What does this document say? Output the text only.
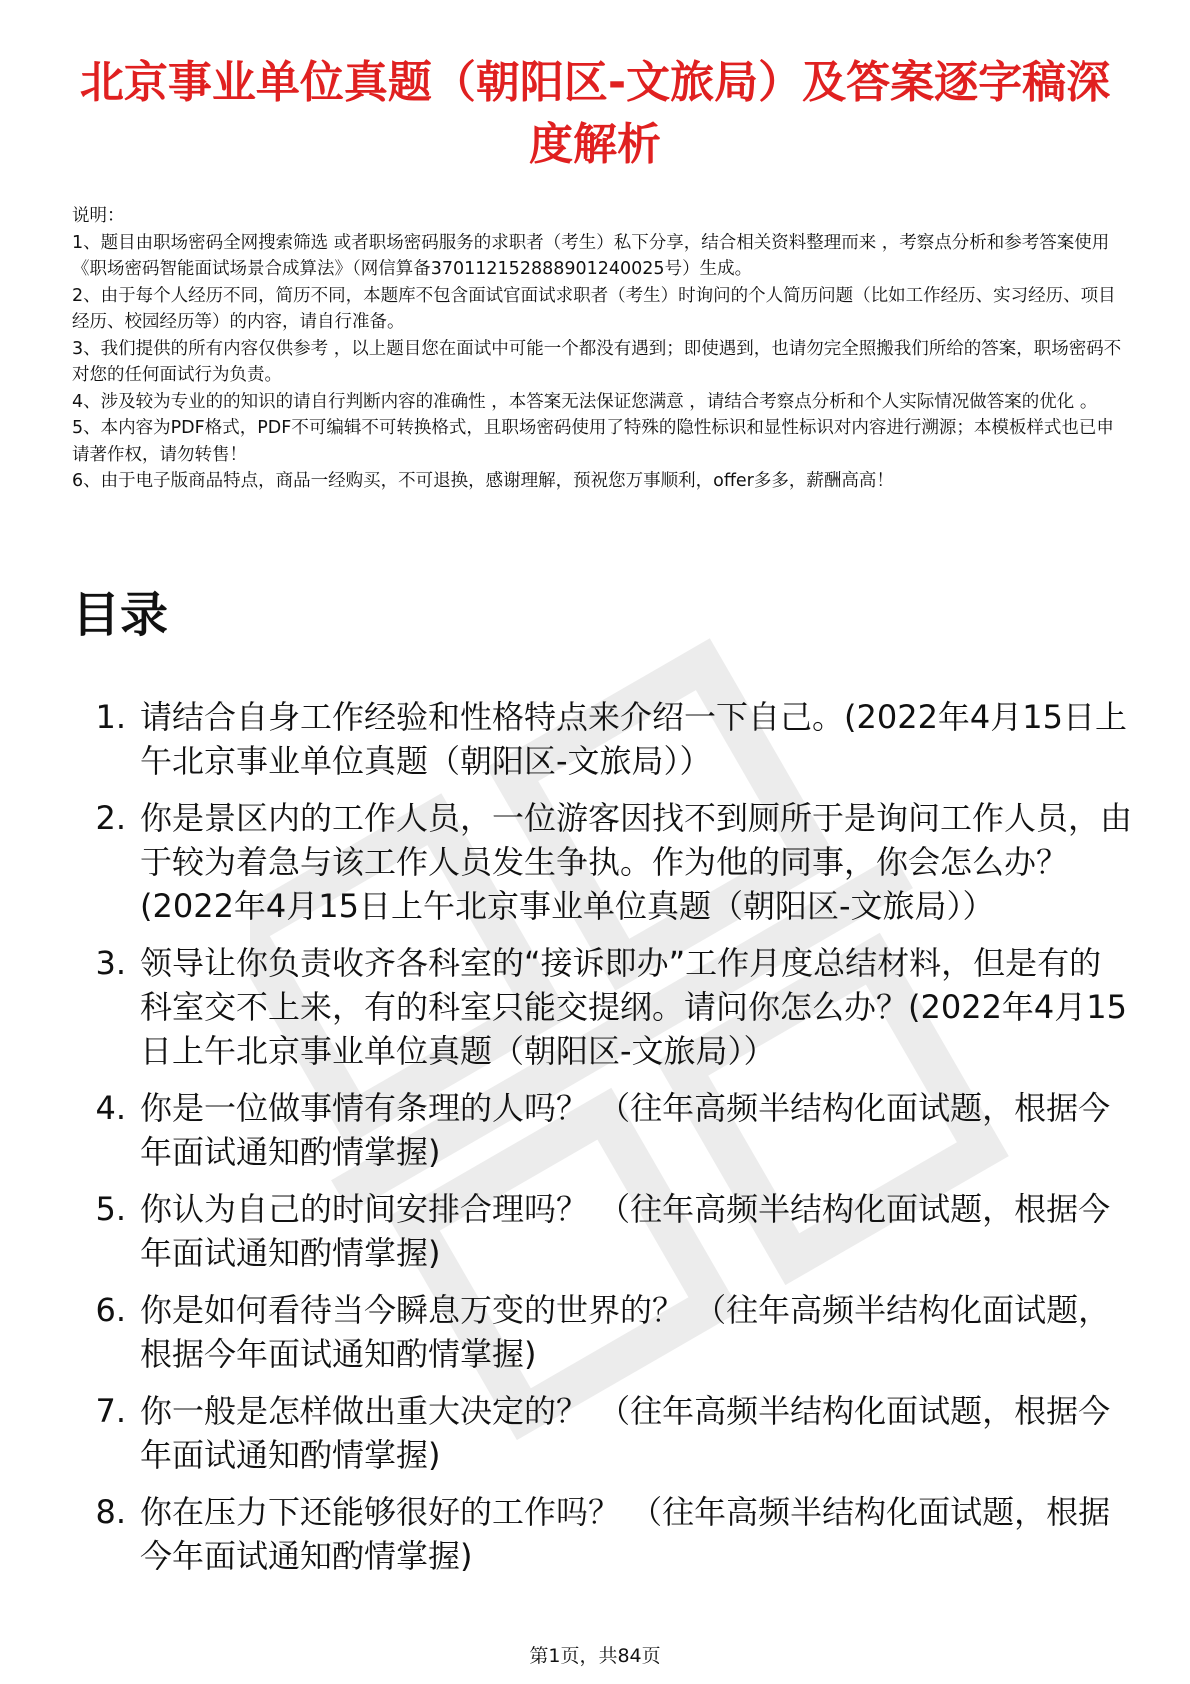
北京事业单位真题（朝阳区-文旅局）及答案逐字稿深度解析
说明：
1、题目由职场密码全网搜索筛选 或者职场密码服务的求职者（考生）私下分享，结合相关资料整理而来 ，考察点分析和参考答案使用《职场密码智能面试场景合成算法》（网信算备370112152888901240025号）生成。
2、由于每个人经历不同，简历不同，本题库不包含面试官面试求职者（考生）时询问的个人简历问题（比如工作经历、实习经历、项目经历、校园经历等）的内容，请自行准备。
3、我们提供的所有内容仅供参考 ，以上题目您在面试中可能一个都没有遇到；即使遇到，也请勿完全照搬我们所给的答案，职场密码不对您的任何面试行为负责。
4、涉及较为专业的的知识的请自行判断内容的准确性 ，本答案无法保证您满意 ，请结合考察点分析和个人实际情况做答案的优化 。
5、本内容为PDF格式，PDF不可编辑不可转换格式，且职场密码使用了特殊的隐性标识和显性标识对内容进行溯源；本模板样式也已申请著作权，请勿转售！
6、由于电子版商品特点，商品一经购买，不可退换，感谢理解，预祝您万事顺利，offer多多，薪酬高高！
目录
1. 请结合自身工作经验和性格特点来介绍一下自己。(2022年4月15日上午北京事业单位真题（朝阳区-文旅局））
2. 你是景区内的工作人员，一位游客因找不到厕所于是询问工作人员，由于较为着急与该工作人员发生争执。作为他的同事，你会怎么办？(2022年4月15日上午北京事业单位真题（朝阳区-文旅局））
3. 领导让你负责收齐各科室的“接诉即办”工作月度总结材料，但是有的科室交不上来，有的科室只能交提纲。请问你怎么办？(2022年4月15日上午北京事业单位真题（朝阳区-文旅局））
4. 你是一位做事情有条理的人吗？ （往年高频半结构化面试题，根据今年面试通知酌情掌握)
5. 你认为自己的时间安排合理吗？ （往年高频半结构化面试题，根据今年面试通知酌情掌握)
6. 你是如何看待当今瞬息万变的世界的？ （往年高频半结构化面试题，根据今年面试通知酌情掌握)
7. 你一般是怎样做出重大决定的？ （往年高频半结构化面试题，根据今年面试通知酌情掌握)
8. 你在压力下还能够很好的工作吗？ （往年高频半结构化面试题，根据今年面试通知酌情掌握)
第1页，共84页
